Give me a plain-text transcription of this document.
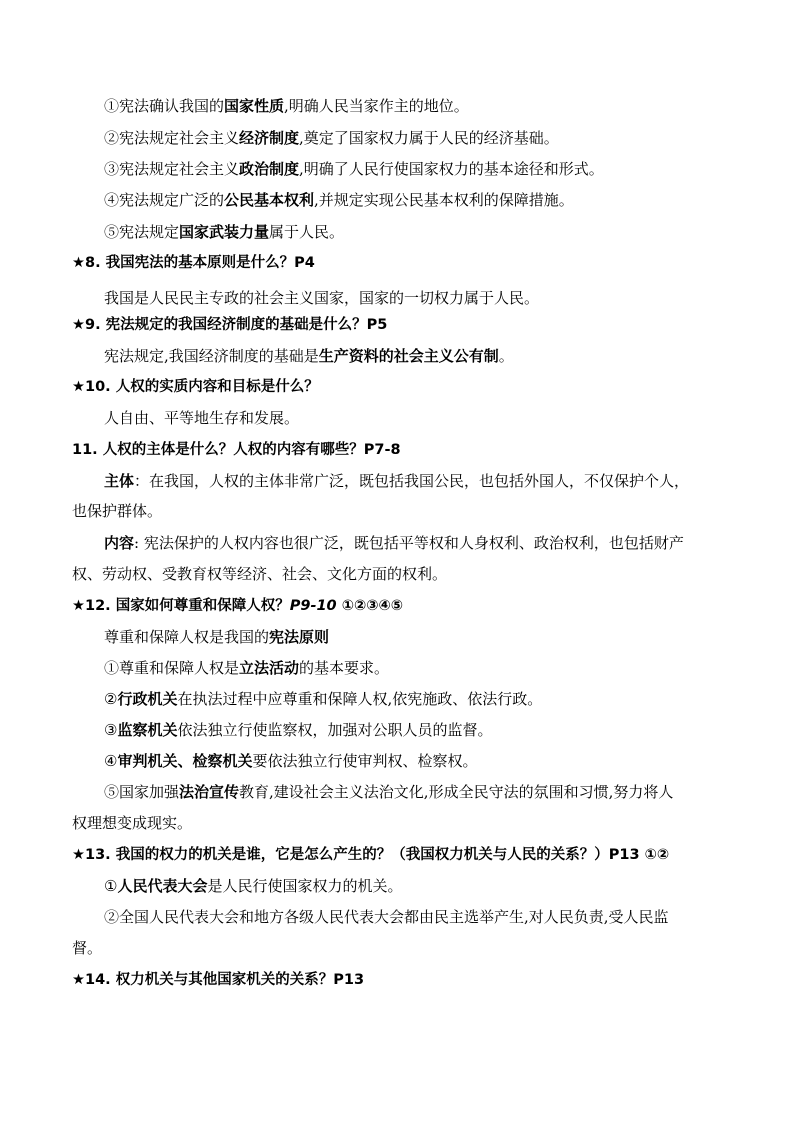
①宪法确认我国的国家性质,明确人民当家作主的地位。
②宪法规定社会主义经济制度,奠定了国家权力属于人民的经济基础。
③宪法规定社会主义政治制度,明确了人民行使国家权力的基本途径和形式。
④宪法规定广泛的公民基本权利,并规定实现公民基本权利的保障措施。
⑤宪法规定国家武装力量属于人民。
★8. 我国宪法的基本原则是什么？P4
我国是人民民主专政的社会主义国家，国家的一切权力属于人民。
★9. 宪法规定的我国经济制度的基础是什么？P5
宪法规定,我国经济制度的基础是生产资料的社会主义公有制。
★10. 人权的实质内容和目标是什么？
人自由、平等地生存和发展。
11. 人权的主体是什么？人权的内容有哪些？P7-8
主体：在我国，人权的主体非常广泛，既包括我国公民，也包括外国人，不仅保护个人，
也保护群体。
内容: 宪法保护的人权内容也很广泛，既包括平等权和人身权利、政治权利，也包括财产
权、劳动权、受教育权等经济、社会、文化方面的权利。
★12. 国家如何尊重和保障人权？P9-10 ①②③④⑤
尊重和保障人权是我国的宪法原则
①尊重和保障人权是立法活动的基本要求。
②行政机关在执法过程中应尊重和保障人权,依宪施政、依法行政。
③监察机关依法独立行使监察权，加强对公职人员的监督。
④审判机关、检察机关要依法独立行使审判权、检察权。
⑤国家加强法治宣传教育,建设社会主义法治文化,形成全民守法的氛围和习惯,努力将人
权理想变成现实。
★13. 我国的权力的机关是谁，它是怎么产生的？（我国权力机关与人民的关系？）P13 ①②
①人民代表大会是人民行使国家权力的机关。
②全国人民代表大会和地方各级人民代表大会都由民主选举产生,对人民负责,受人民监
督。
★14. 权力机关与其他国家机关的关系？P13
